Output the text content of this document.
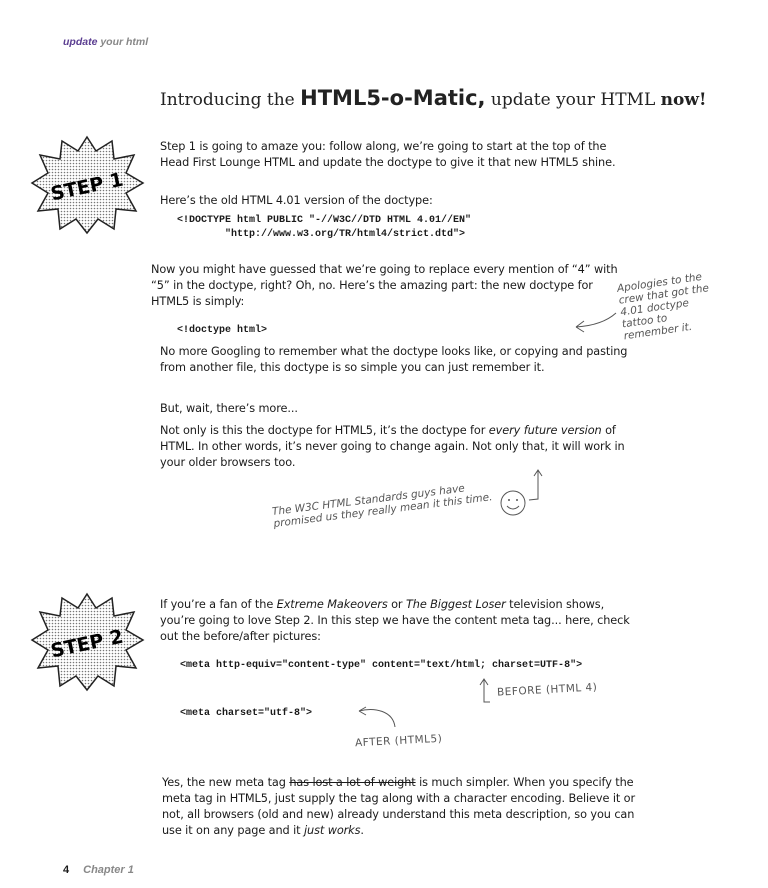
update your html
Introducing the HTML5-o-Matic, update your HTML now!
STEP 1
Step 1 is going to amaze you: follow along, we’re going to start at the top of the Head First Lounge HTML and update the doctype to give it that new HTML5 shine.
Here’s the old HTML 4.01 version of the doctype:
<!DOCTYPE html PUBLIC "-//W3C//DTD HTML 4.01//EN"
"http://www.w3.org/TR/html4/strict.dtd">
Now you might have guessed that we’re going to replace every mention of “4” with “5” in the doctype, right? Oh, no. Here’s the amazing part: the new doctype for HTML5 is simply:
<!doctype html>
Apologies to the crew that got the 4.01 doctype tattoo to remember it.
No more Googling to remember what the doctype looks like, or copying and pasting from another file, this doctype is so simple you can just remember it.
But, wait, there’s more...
Not only is this the doctype for HTML5, it’s the doctype for every future version of HTML. In other words, it’s never going to change again. Not only that, it will work in your older browsers too.
The W3C HTML Standards guys have promised us they really mean it this time.
STEP 2
If you’re a fan of the Extreme Makeovers or The Biggest Loser television shows, you’re going to love Step 2. In this step we have the content meta tag... here, check out the before/after pictures:
<meta http-equiv="content-type" content="text/html; charset=UTF-8">
BEFORE (HTML 4)
<meta charset="utf-8">
AFTER (HTML5)
Yes, the new meta tag has lost a lot of weight is much simpler. When you specify the meta tag in HTML5, just supply the tag along with a character encoding. Believe it or not, all browsers (old and new) already understand this meta description, so you can use it on any page and it just works.
4 Chapter 1
